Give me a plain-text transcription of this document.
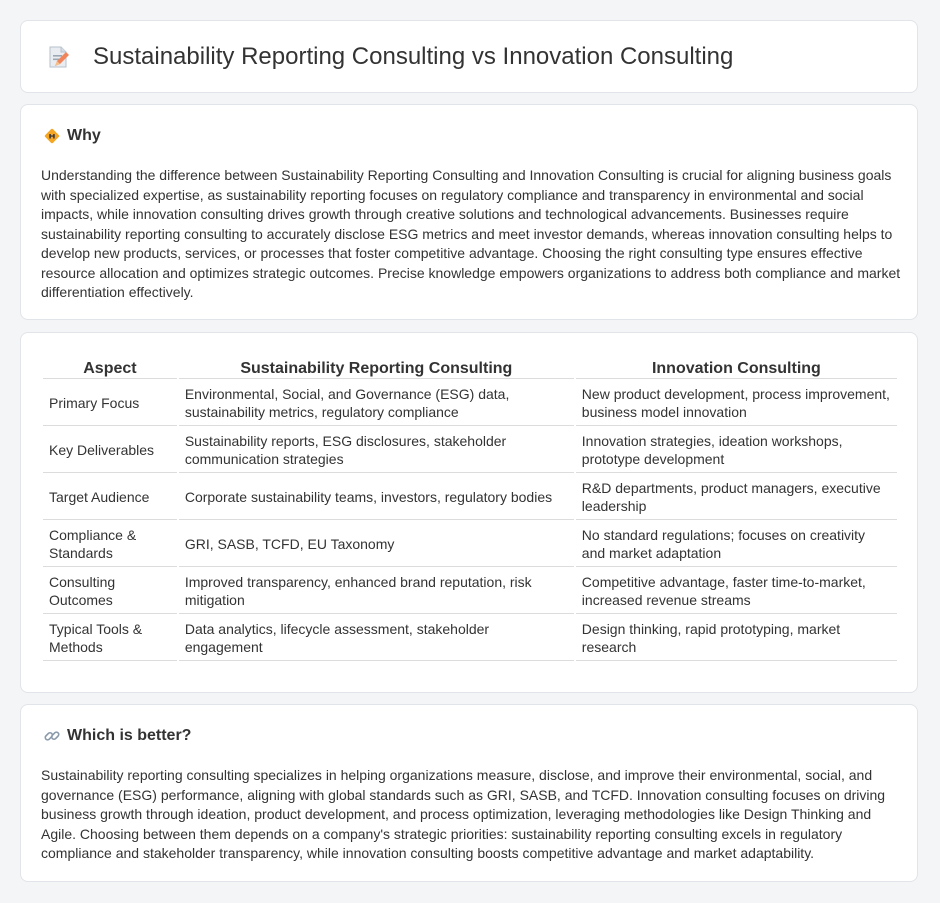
Sustainability Reporting Consulting vs Innovation Consulting
Why

Understanding the difference between Sustainability Reporting Consulting and Innovation Consulting is crucial for aligning business goals with specialized expertise, as sustainability reporting focuses on regulatory compliance and transparency in environmental and social impacts, while innovation consulting drives growth through creative solutions and technological advancements. Businesses require sustainability reporting consulting to accurately disclose ESG metrics and meet investor demands, whereas innovation consulting helps to develop new products, services, or processes that foster competitive advantage. Choosing the right consulting type ensures effective resource allocation and optimizes strategic outcomes. Precise knowledge empowers organizations to address both compliance and market differentiation effectively.

Aspect	Sustainability Reporting Consulting	Innovation Consulting
Primary Focus	Environmental, Social, and Governance (ESG) data, sustainability metrics, regulatory compliance	New product development, process improvement, business model innovation
Key Deliverables	Sustainability reports, ESG disclosures, stakeholder communication strategies	Innovation strategies, ideation workshops, prototype development
Target Audience	Corporate sustainability teams, investors, regulatory bodies	R&D departments, product managers, executive leadership
Compliance & Standards	GRI, SASB, TCFD, EU Taxonomy	No standard regulations; focuses on creativity and market adaptation
Consulting Outcomes	Improved transparency, enhanced brand reputation, risk mitigation	Competitive advantage, faster time-to-market, increased revenue streams
Typical Tools & Methods	Data analytics, lifecycle assessment, stakeholder engagement	Design thinking, rapid prototyping, market research
Which is better?

Sustainability reporting consulting specializes in helping organizations measure, disclose, and improve their environmental, social, and governance (ESG) performance, aligning with global standards such as GRI, SASB, and TCFD. Innovation consulting focuses on driving business growth through ideation, product development, and process optimization, leveraging methodologies like Design Thinking and Agile. Choosing between them depends on a company's strategic priorities: sustainability reporting consulting excels in regulatory compliance and stakeholder transparency, while innovation consulting boosts competitive advantage and market adaptability.
